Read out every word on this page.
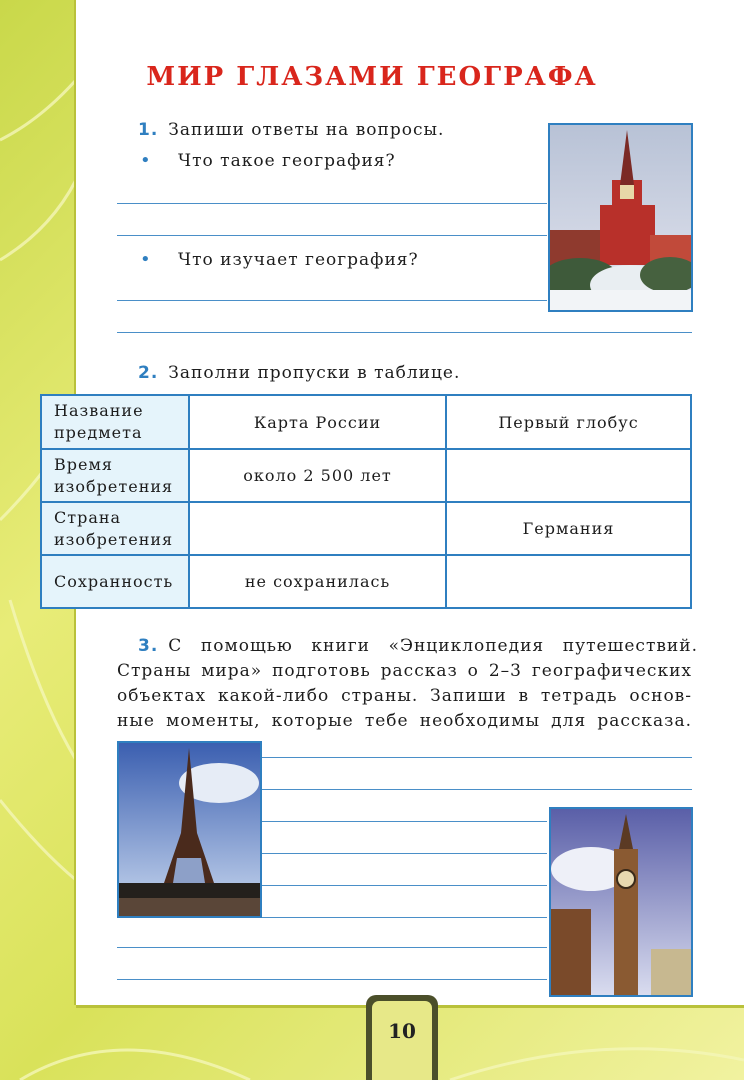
МИР ГЛАЗАМИ ГЕОГРАФА
1. Запиши ответы на вопросы.
• Что такое география?
• Что изучает география?
2. Заполни пропуски в таблице.
Название предмета	Карта России	Первый глобус
Время изобретения	около 2 500 лет	
Страна изобретения		Германия
Сохранность	не сохранилась	
3. С помощью книги «Энциклопедия путешествий.
Страны мира» подготовь рассказ о 2–3 географических
объектах какой-либо страны. Запиши в тетрадь основ-
ные моменты, которые тебе необходимы для рассказа.
10
